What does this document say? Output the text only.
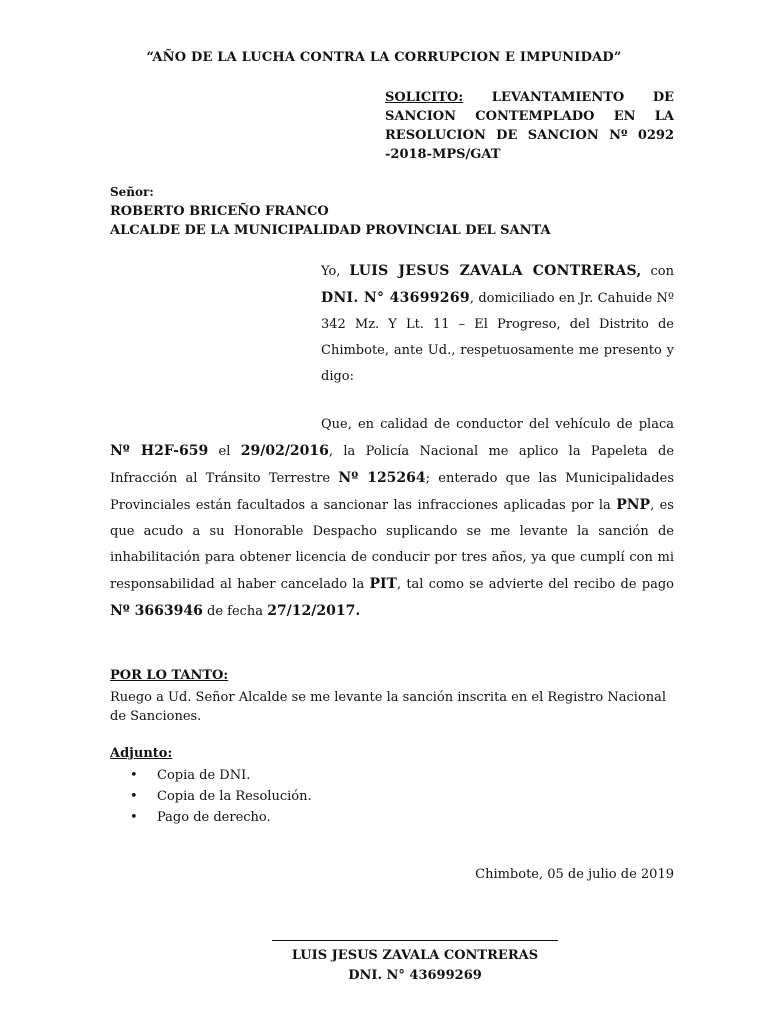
“AÑO DE LA LUCHA CONTRA LA CORRUPCION E IMPUNIDAD”
SOLICITO: LEVANTAMIENTO DE SANCION CONTEMPLADO EN LA RESOLUCION DE SANCION Nº 0292 -2018-MPS/GAT
Señor:
ROBERTO BRICEÑO FRANCO
ALCALDE DE LA MUNICIPALIDAD PROVINCIAL DEL SANTA
Yo, LUIS JESUS ZAVALA CONTRERAS, con DNI. N° 43699269, domiciliado en Jr. Cahuide Nº 342 Mz. Y Lt. 11 – El Progreso, del Distrito de Chimbote, ante Ud., respetuosamente me presento y digo:
Que, en calidad de conductor del vehículo de placa Nº H2F-659 el 29/02/2016, la Policía Nacional me aplico la Papeleta de Infracción al Tránsito Terrestre Nº 125264; enterado que las Municipalidades Provinciales están facultados a sancionar las infracciones aplicadas por la PNP, es que acudo a su Honorable Despacho suplicando se me levante la sanción de inhabilitación para obtener licencia de conducir por tres años, ya que cumplí con mi responsabilidad al haber cancelado la PIT, tal como se advierte del recibo de pago Nº 3663946 de fecha 27/12/2017.
POR LO TANTO:
Ruego a Ud. Señor Alcalde se me levante la sanción inscrita en el Registro Nacional de Sanciones.
Adjunto:
• Copia de DNI.
• Copia de la Resolución.
• Pago de derecho.
Chimbote, 05 de julio de 2019
LUIS JESUS ZAVALA CONTRERAS
DNI. N° 43699269
